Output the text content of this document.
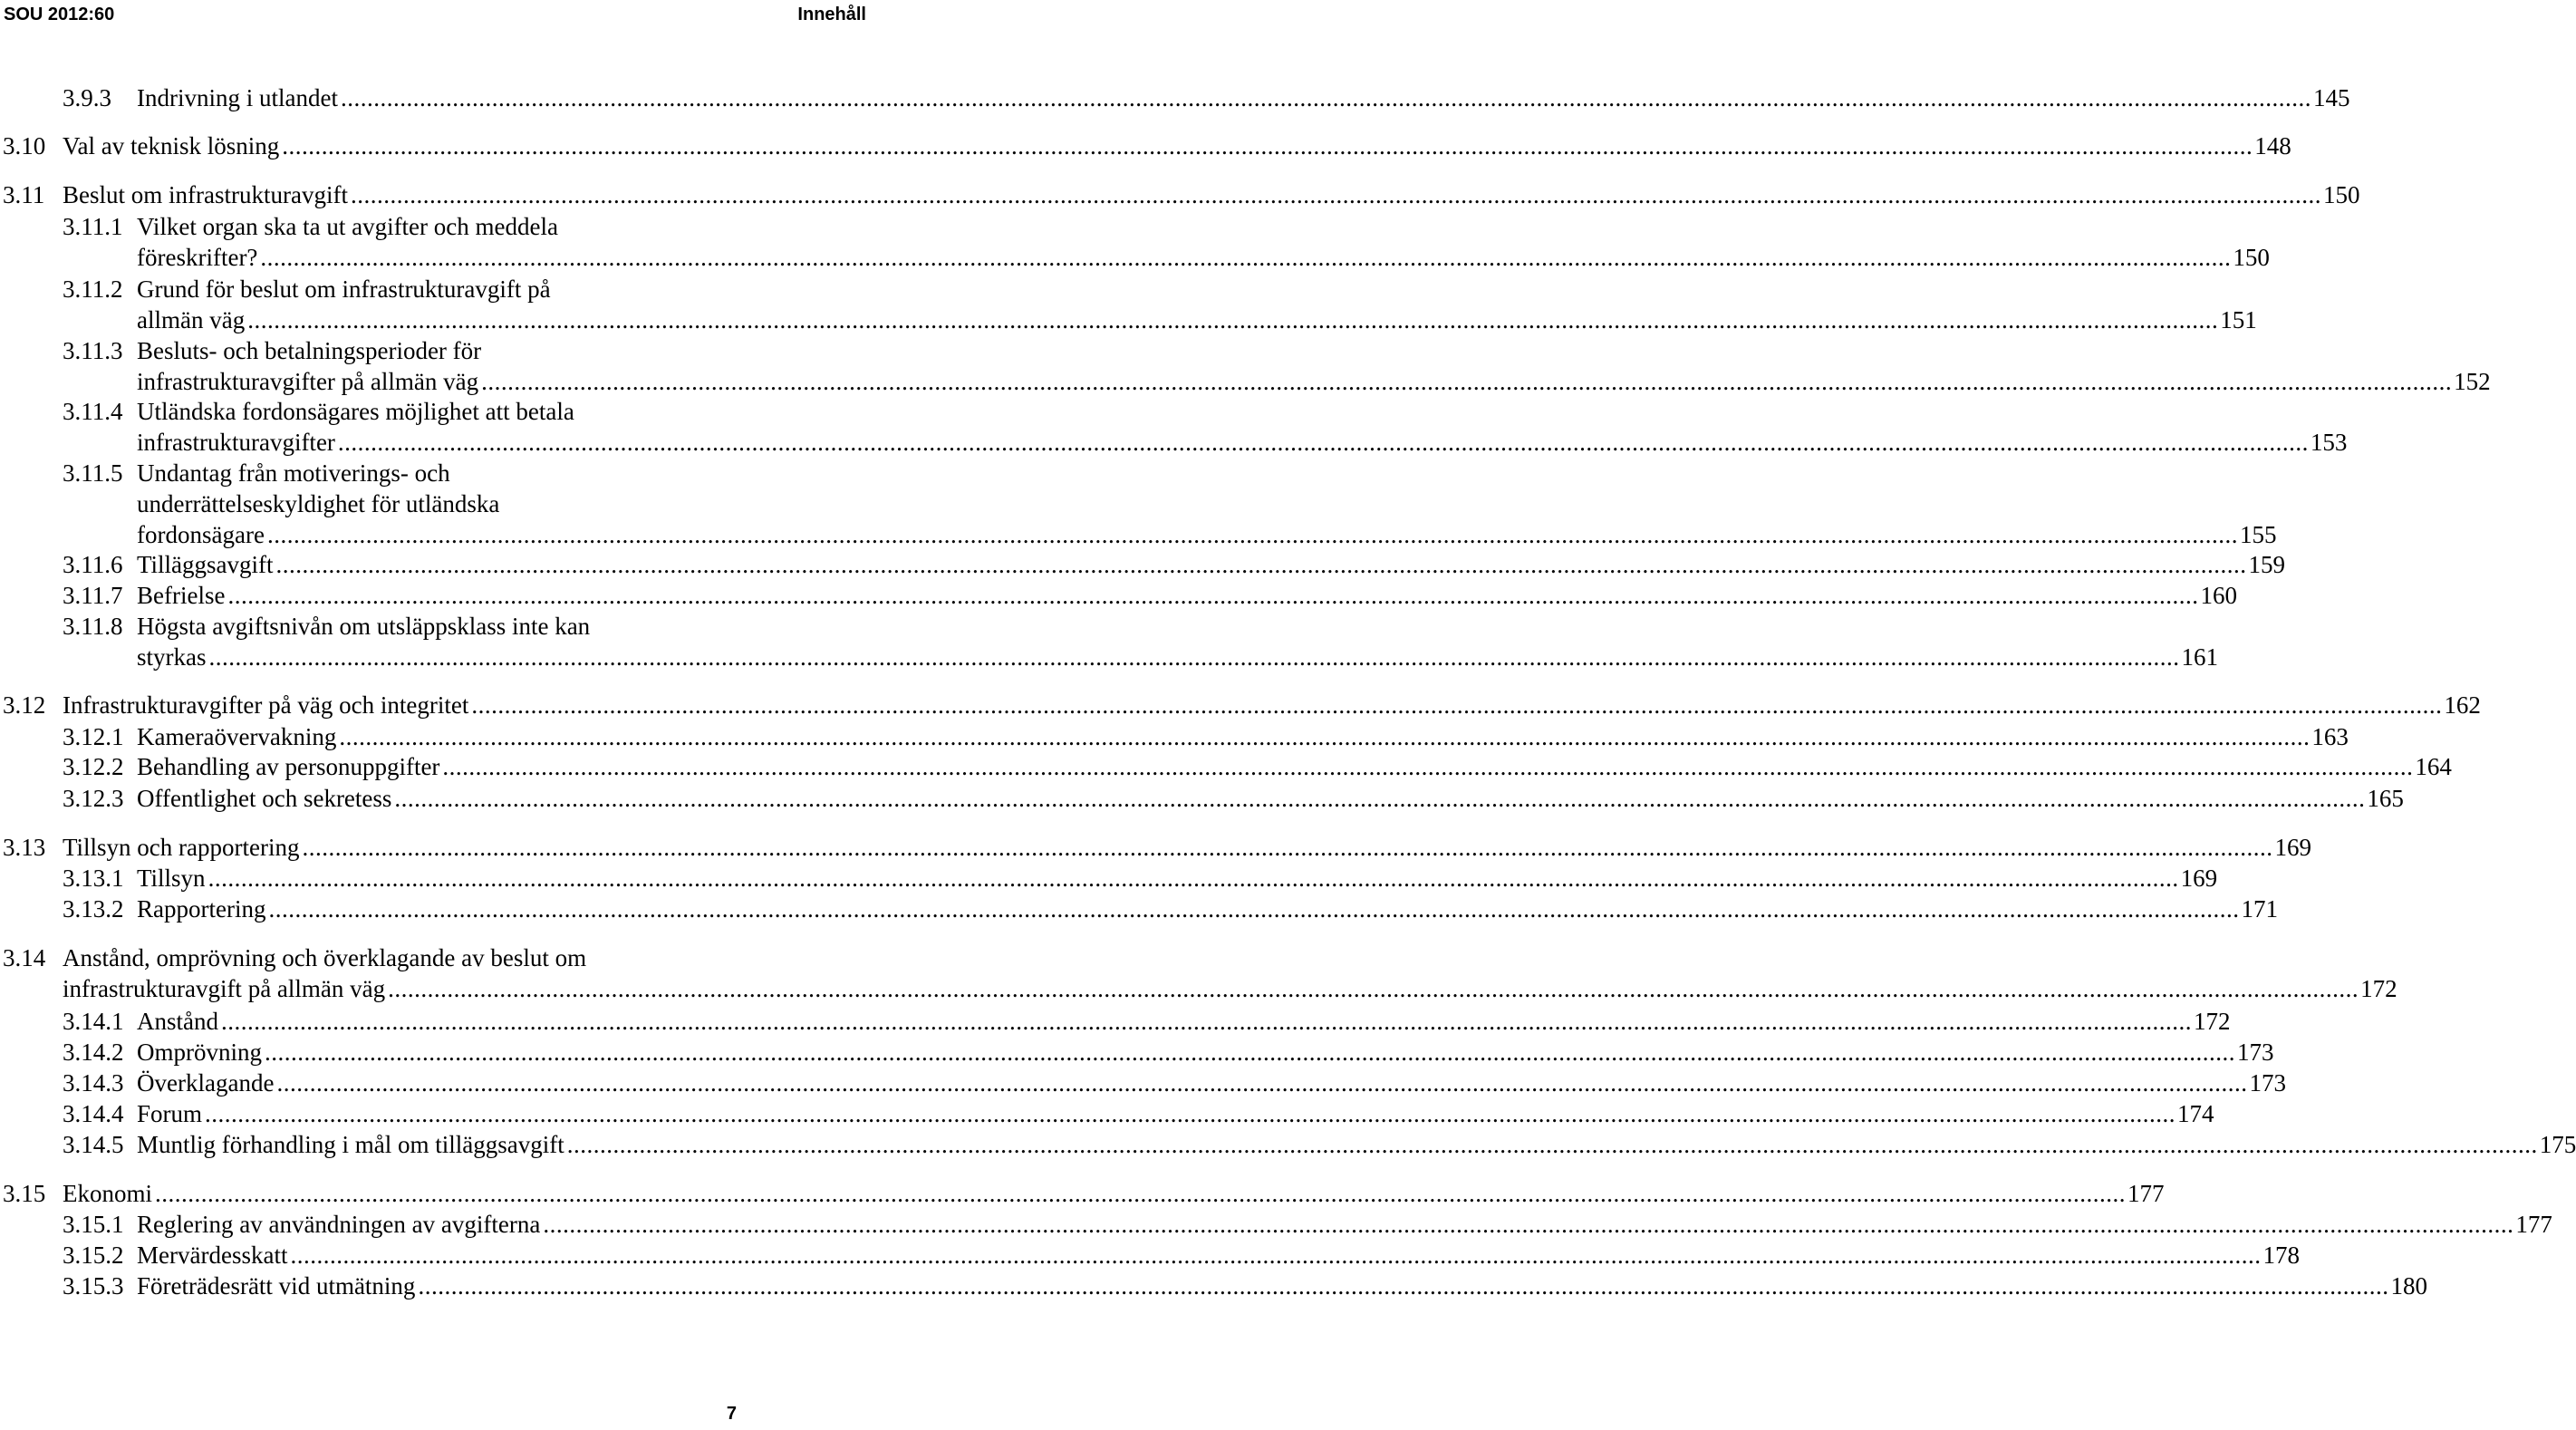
SOU 2012:60	Innehåll
3.9.3 Indrivning i utlandet ............................................................................................................................................................................................................................................................................................................ 145
3.10 Val av teknisk lösning ............................................................................................................................................................................................................................................................................................................ 148
3.11 Beslut om infrastrukturavgift ............................................................................................................................................................................................................................................................................................................ 150
3.11.1 Vilket organ ska ta ut avgifter och meddela
föreskrifter? ............................................................................................................................................................................................................................................................................................................ 150
3.11.2 Grund för beslut om infrastrukturavgift på
allmän väg ............................................................................................................................................................................................................................................................................................................ 151
3.11.3 Besluts- och betalningsperioder för
infrastrukturavgifter på allmän väg ............................................................................................................................................................................................................................................................................................................ 152
3.11.4 Utländska fordonsägares möjlighet att betala
infrastrukturavgifter ............................................................................................................................................................................................................................................................................................................ 153
3.11.5 Undantag från motiverings- och
underrättelseskyldighet för utländska
fordonsägare ............................................................................................................................................................................................................................................................................................................ 155
3.11.6 Tilläggsavgift ............................................................................................................................................................................................................................................................................................................ 159
3.11.7 Befrielse ............................................................................................................................................................................................................................................................................................................ 160
3.11.8 Högsta avgiftsnivån om utsläppsklass inte kan
styrkas ............................................................................................................................................................................................................................................................................................................ 161
3.12 Infrastrukturavgifter på väg och integritet ............................................................................................................................................................................................................................................................................................................ 162
3.12.1 Kameraövervakning ............................................................................................................................................................................................................................................................................................................ 163
3.12.2 Behandling av personuppgifter ............................................................................................................................................................................................................................................................................................................ 164
3.12.3 Offentlighet och sekretess ............................................................................................................................................................................................................................................................................................................ 165
3.13 Tillsyn och rapportering ............................................................................................................................................................................................................................................................................................................ 169
3.13.1 Tillsyn ............................................................................................................................................................................................................................................................................................................ 169
3.13.2 Rapportering ............................................................................................................................................................................................................................................................................................................ 171
3.14 Anstånd, omprövning och överklagande av beslut om
infrastrukturavgift på allmän väg ............................................................................................................................................................................................................................................................................................................ 172
3.14.1 Anstånd ............................................................................................................................................................................................................................................................................................................ 172
3.14.2 Omprövning ............................................................................................................................................................................................................................................................................................................ 173
3.14.3 Överklagande ............................................................................................................................................................................................................................................................................................................ 173
3.14.4 Forum ............................................................................................................................................................................................................................................................................................................ 174
3.14.5 Muntlig förhandling i mål om tilläggsavgift ............................................................................................................................................................................................................................................................................................................ 175
3.15 Ekonomi ............................................................................................................................................................................................................................................................................................................ 177
3.15.1 Reglering av användningen av avgifterna ............................................................................................................................................................................................................................................................................................................ 177
3.15.2 Mervärdesskatt ............................................................................................................................................................................................................................................................................................................ 178
3.15.3 Företrädesrätt vid utmätning ............................................................................................................................................................................................................................................................................................................ 180
7
